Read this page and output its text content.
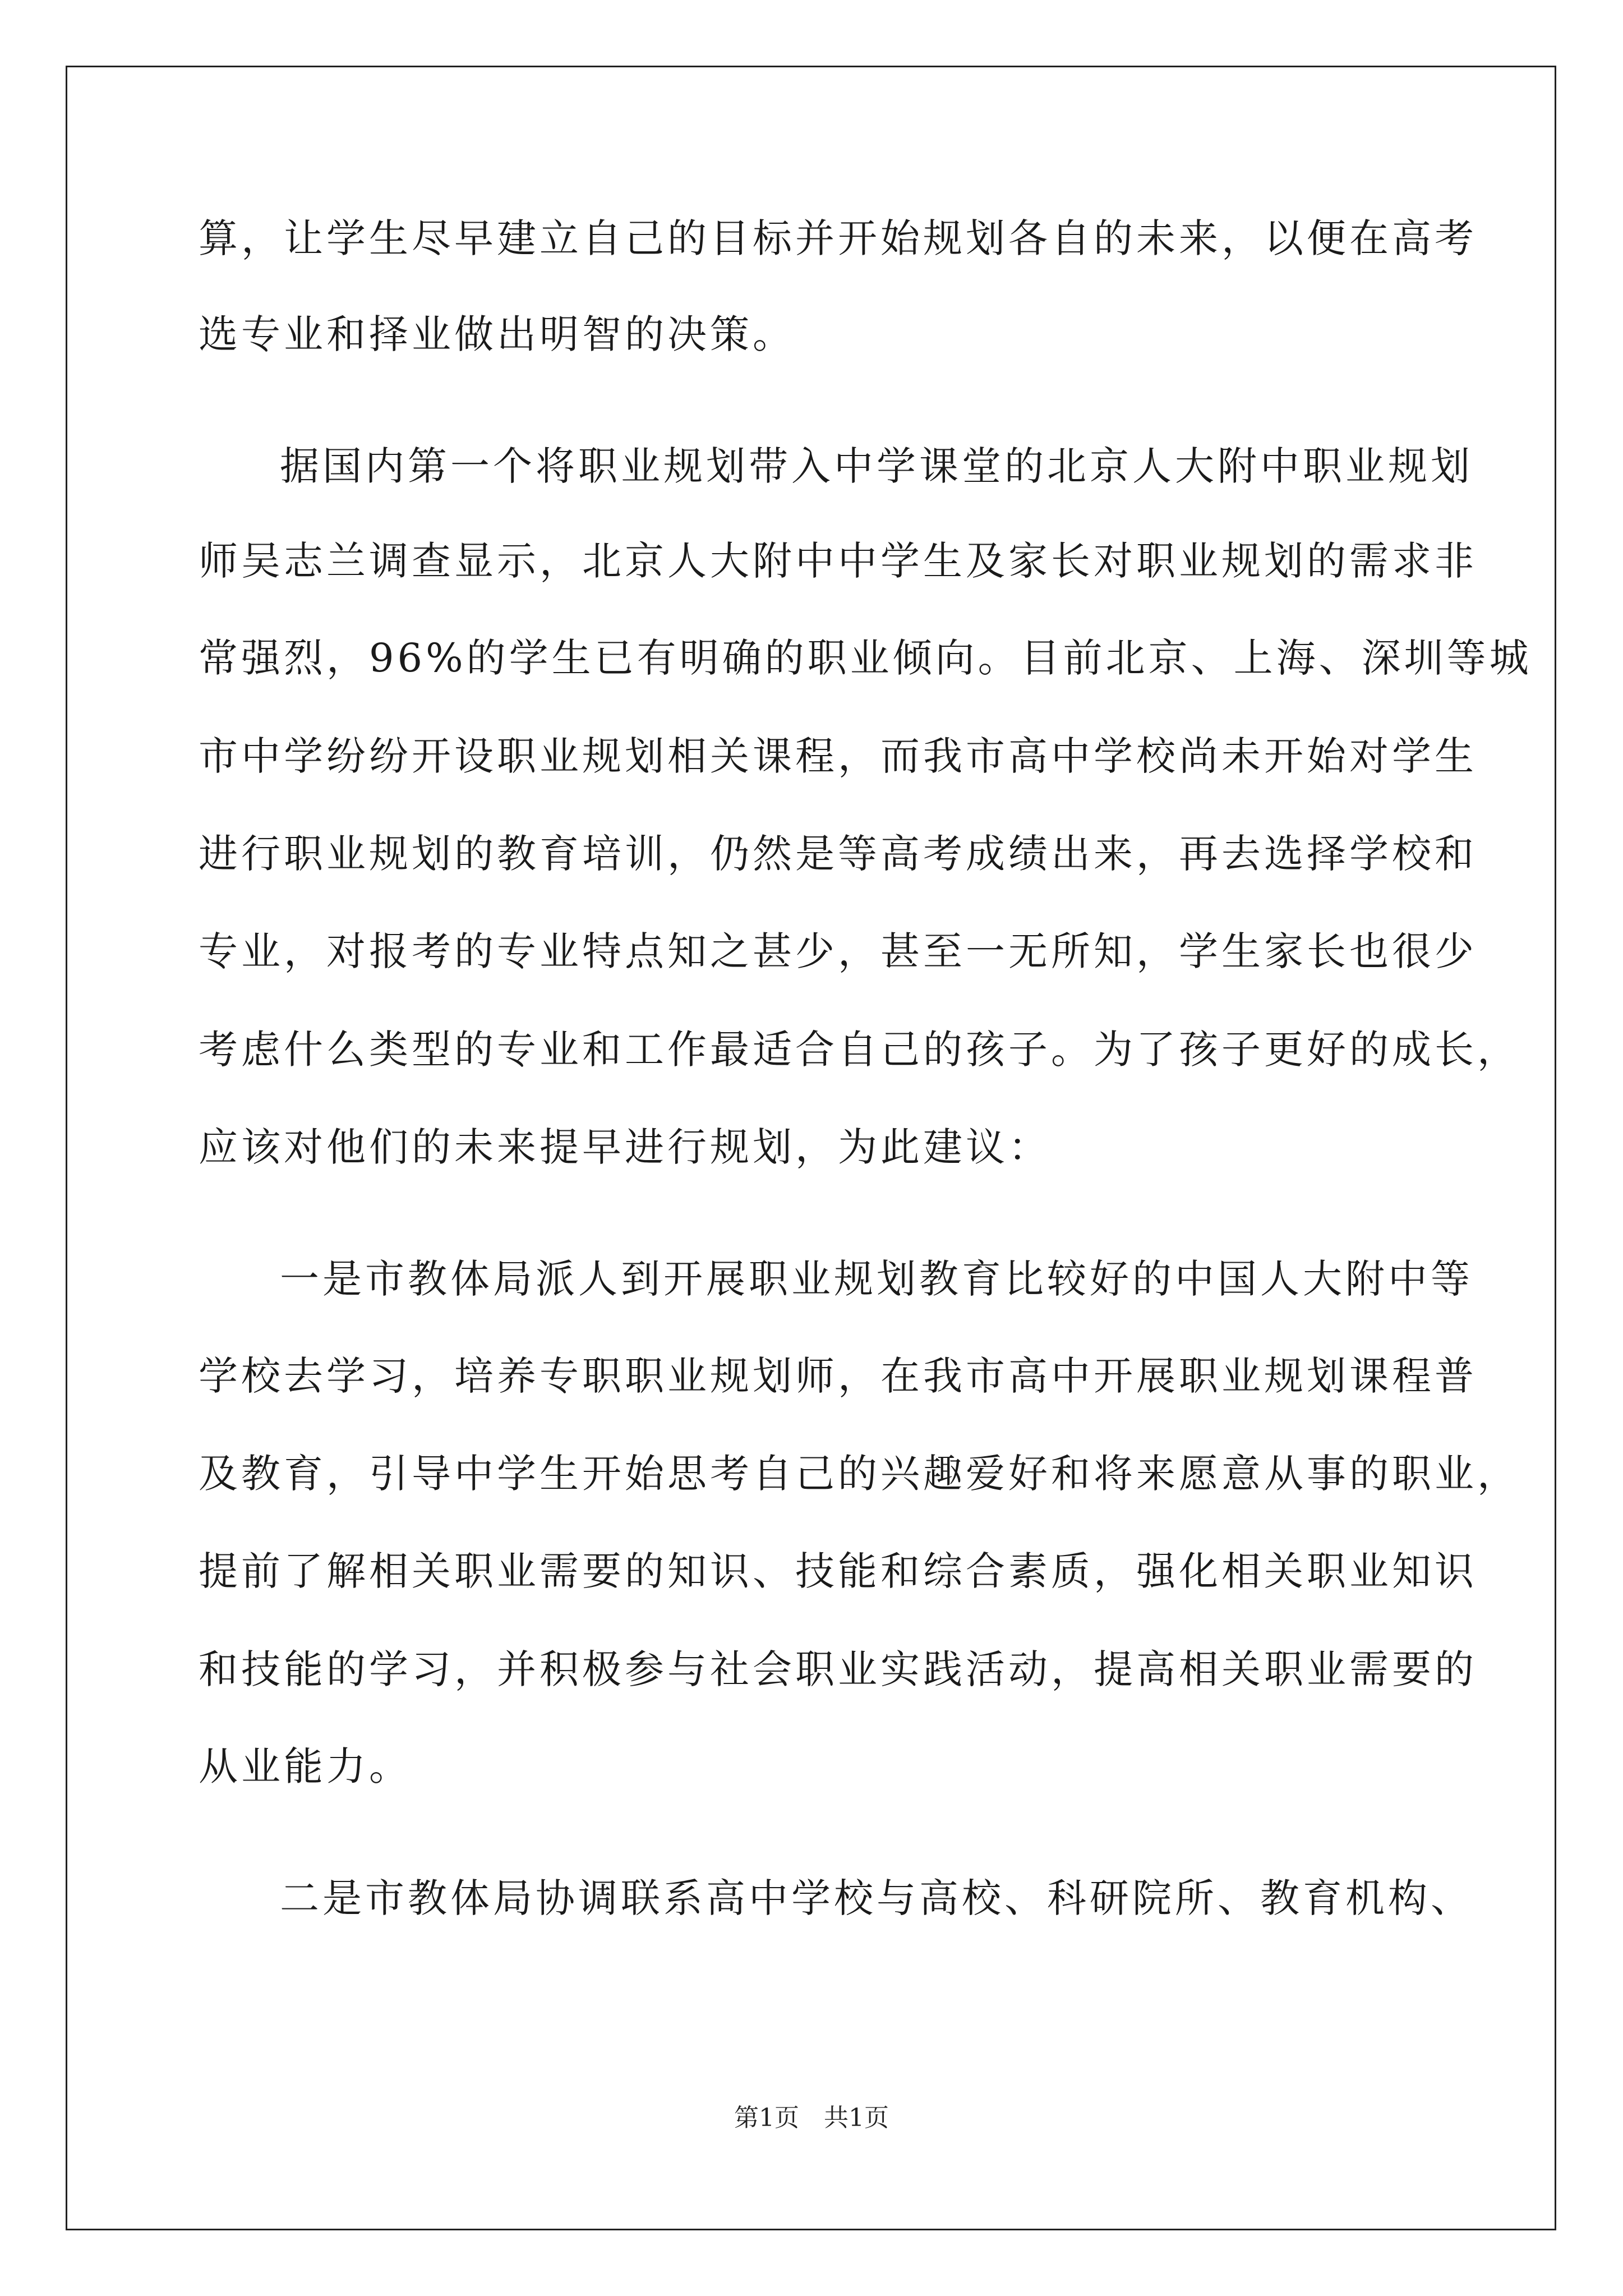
算，让学生尽早建立自己的目标并开始规划各自的未来，以便在高考
选专业和择业做出明智的决策。
据国内第一个将职业规划带入中学课堂的北京人大附中职业规划
师吴志兰调查显示，北京人大附中中学生及家长对职业规划的需求非
常强烈，96%的学生已有明确的职业倾向。目前北京、上海、深圳等城
市中学纷纷开设职业规划相关课程，而我市高中学校尚未开始对学生
进行职业规划的教育培训，仍然是等高考成绩出来，再去选择学校和
专业，对报考的专业特点知之甚少，甚至一无所知，学生家长也很少
考虑什么类型的专业和工作最适合自己的孩子。为了孩子更好的成长，
应该对他们的未来提早进行规划，为此建议：
一是市教体局派人到开展职业规划教育比较好的中国人大附中等
学校去学习，培养专职职业规划师，在我市高中开展职业规划课程普
及教育，引导中学生开始思考自己的兴趣爱好和将来愿意从事的职业，
提前了解相关职业需要的知识、技能和综合素质，强化相关职业知识
和技能的学习，并积极参与社会职业实践活动，提高相关职业需要的
从业能力。
二是市教体局协调联系高中学校与高校、科研院所、教育机构、
第1页　共1页
